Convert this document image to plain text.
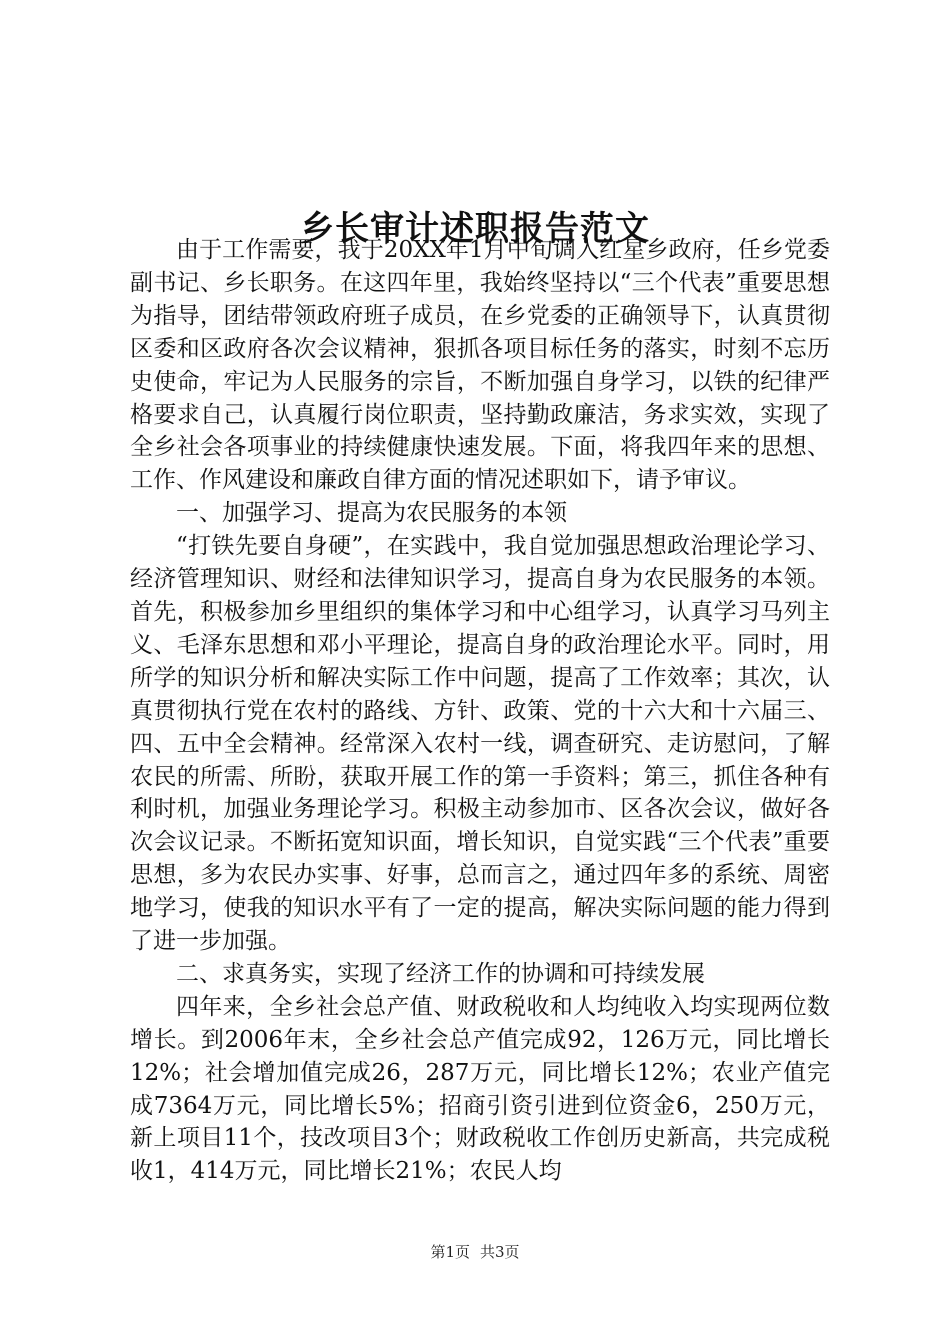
乡长审计述职报告范文

由于工作需要，我于20XX年1月中旬调入红星乡政府，任乡党委副书记、乡长职务。在这四年里，我始终坚持以“三个代表”重要思想为指导，团结带领政府班子成员，在乡党委的正确领导下，认真贯彻区委和区政府各次会议精神，狠抓各项目标任务的落实，时刻不忘历史使命，牢记为人民服务的宗旨，不断加强自身学习，以铁的纪律严格要求自己，认真履行岗位职责，坚持勤政廉洁，务求实效，实现了全乡社会各项事业的持续健康快速发展。下面，将我四年来的思想、工作、作风建设和廉政自律方面的情况述职如下，请予审议。

一、加强学习、提高为农民服务的本领

“打铁先要自身硬”，在实践中，我自觉加强思想政治理论学习、经济管理知识、财经和法律知识学习，提高自身为农民服务的本领。首先，积极参加乡里组织的集体学习和中心组学习，认真学习马列主义、毛泽东思想和邓小平理论，提高自身的政治理论水平。同时，用所学的知识分析和解决实际工作中问题，提高了工作效率；其次，认真贯彻执行党在农村的路线、方针、政策、党的十六大和十六届三、四、五中全会精神。经常深入农村一线，调查研究、走访慰问，了解农民的所需、所盼，获取开展工作的第一手资料；第三，抓住各种有利时机，加强业务理论学习。积极主动参加市、区各次会议，做好各次会议记录。不断拓宽知识面，增长知识，自觉实践“三个代表”重要思想，多为农民办实事、好事，总而言之，通过四年多的系统、周密地学习，使我的知识水平有了一定的提高，解决实际问题的能力得到了进一步加强。

二、求真务实，实现了经济工作的协调和可持续发展

四年来，全乡社会总产值、财政税收和人均纯收入均实现两位数增长。到2006年末，全乡社会总产值完成92，126万元，同比增长12%；社会增加值完成26，287万元，同比增长12%；农业产值完成7364万元，同比增长5%；招商引资引进到位资金6，250万元，新上项目11个，技改项目3个；财政税收工作创历史新高，共完成税收1，414万元，同比增长21%；农民人均

第1页 共3页
